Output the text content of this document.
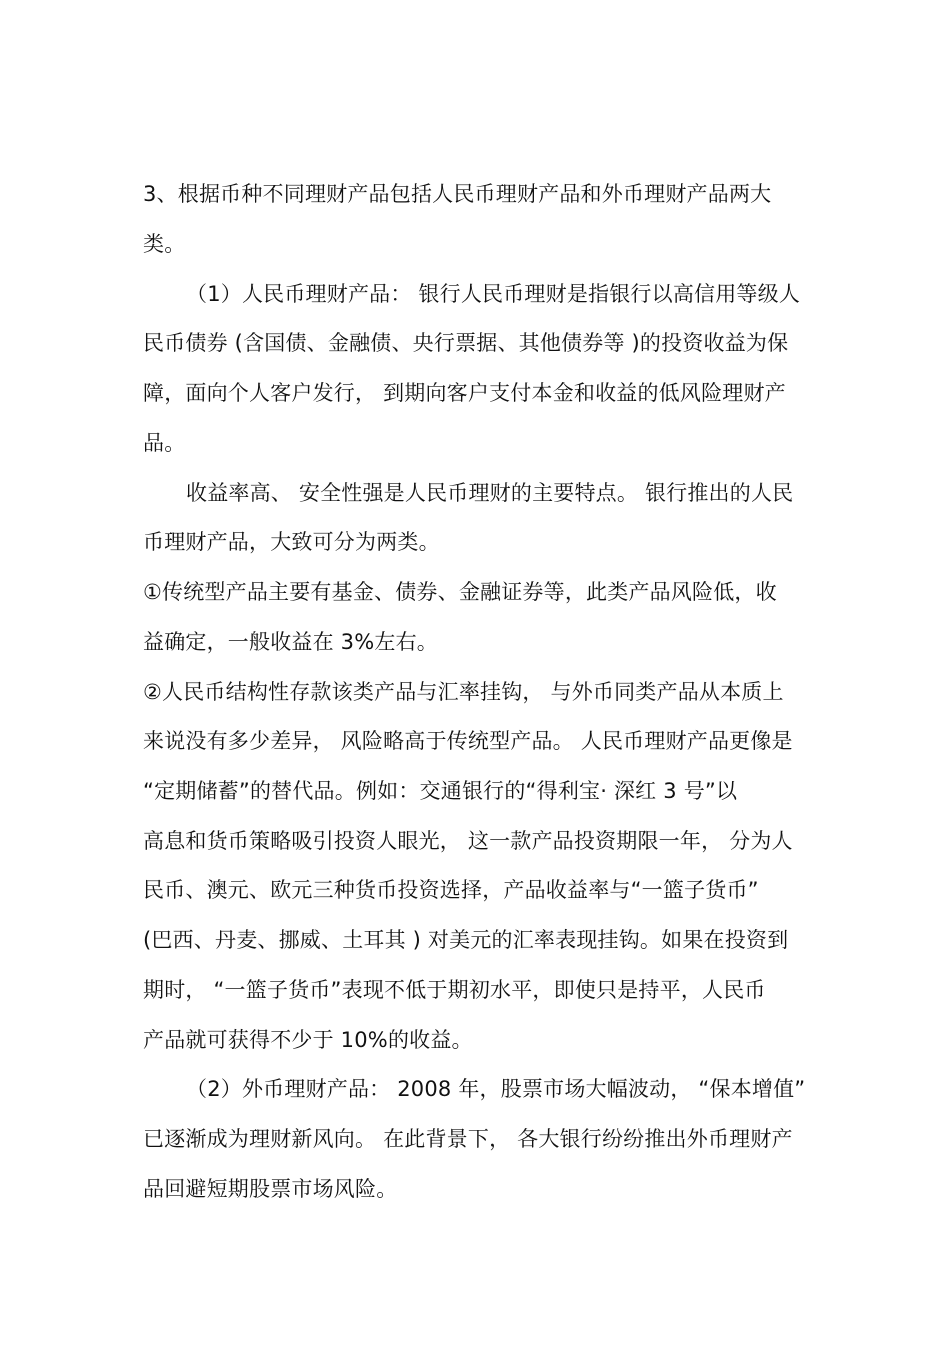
3、根据币种不同理财产品包括人民币理财产品和外币理财产品两大
类。
（1）人民币理财产品： 银行人民币理财是指银行以高信用等级人
民币债券 (含国债、金融债、央行票据、其他债券等 )的投资收益为保
障，面向个人客户发行， 到期向客户支付本金和收益的低风险理财产
品。
收益率高、 安全性强是人民币理财的主要特点。 银行推出的人民
币理财产品，大致可分为两类。
①传统型产品主要有基金、债券、金融证券等，此类产品风险低，收
益确定，一般收益在 3%左右。
②人民币结构性存款该类产品与汇率挂钩， 与外币同类产品从本质上
来说没有多少差异， 风险略高于传统型产品。 人民币理财产品更像是
“定期储蓄”的替代品。例如：交通银行的“得利宝· 深红 3 号”以
高息和货币策略吸引投资人眼光， 这一款产品投资期限一年， 分为人
民币、澳元、欧元三种货币投资选择，产品收益率与“一篮子货币”
(巴西、丹麦、挪威、土耳其 ) 对美元的汇率表现挂钩。如果在投资到
期时， “一篮子货币”表现不低于期初水平，即使只是持平，人民币
产品就可获得不少于 10%的收益。
（2）外币理财产品： 2008 年，股票市场大幅波动， “保本增值”
已逐渐成为理财新风向。 在此背景下， 各大银行纷纷推出外币理财产
品回避短期股票市场风险。
